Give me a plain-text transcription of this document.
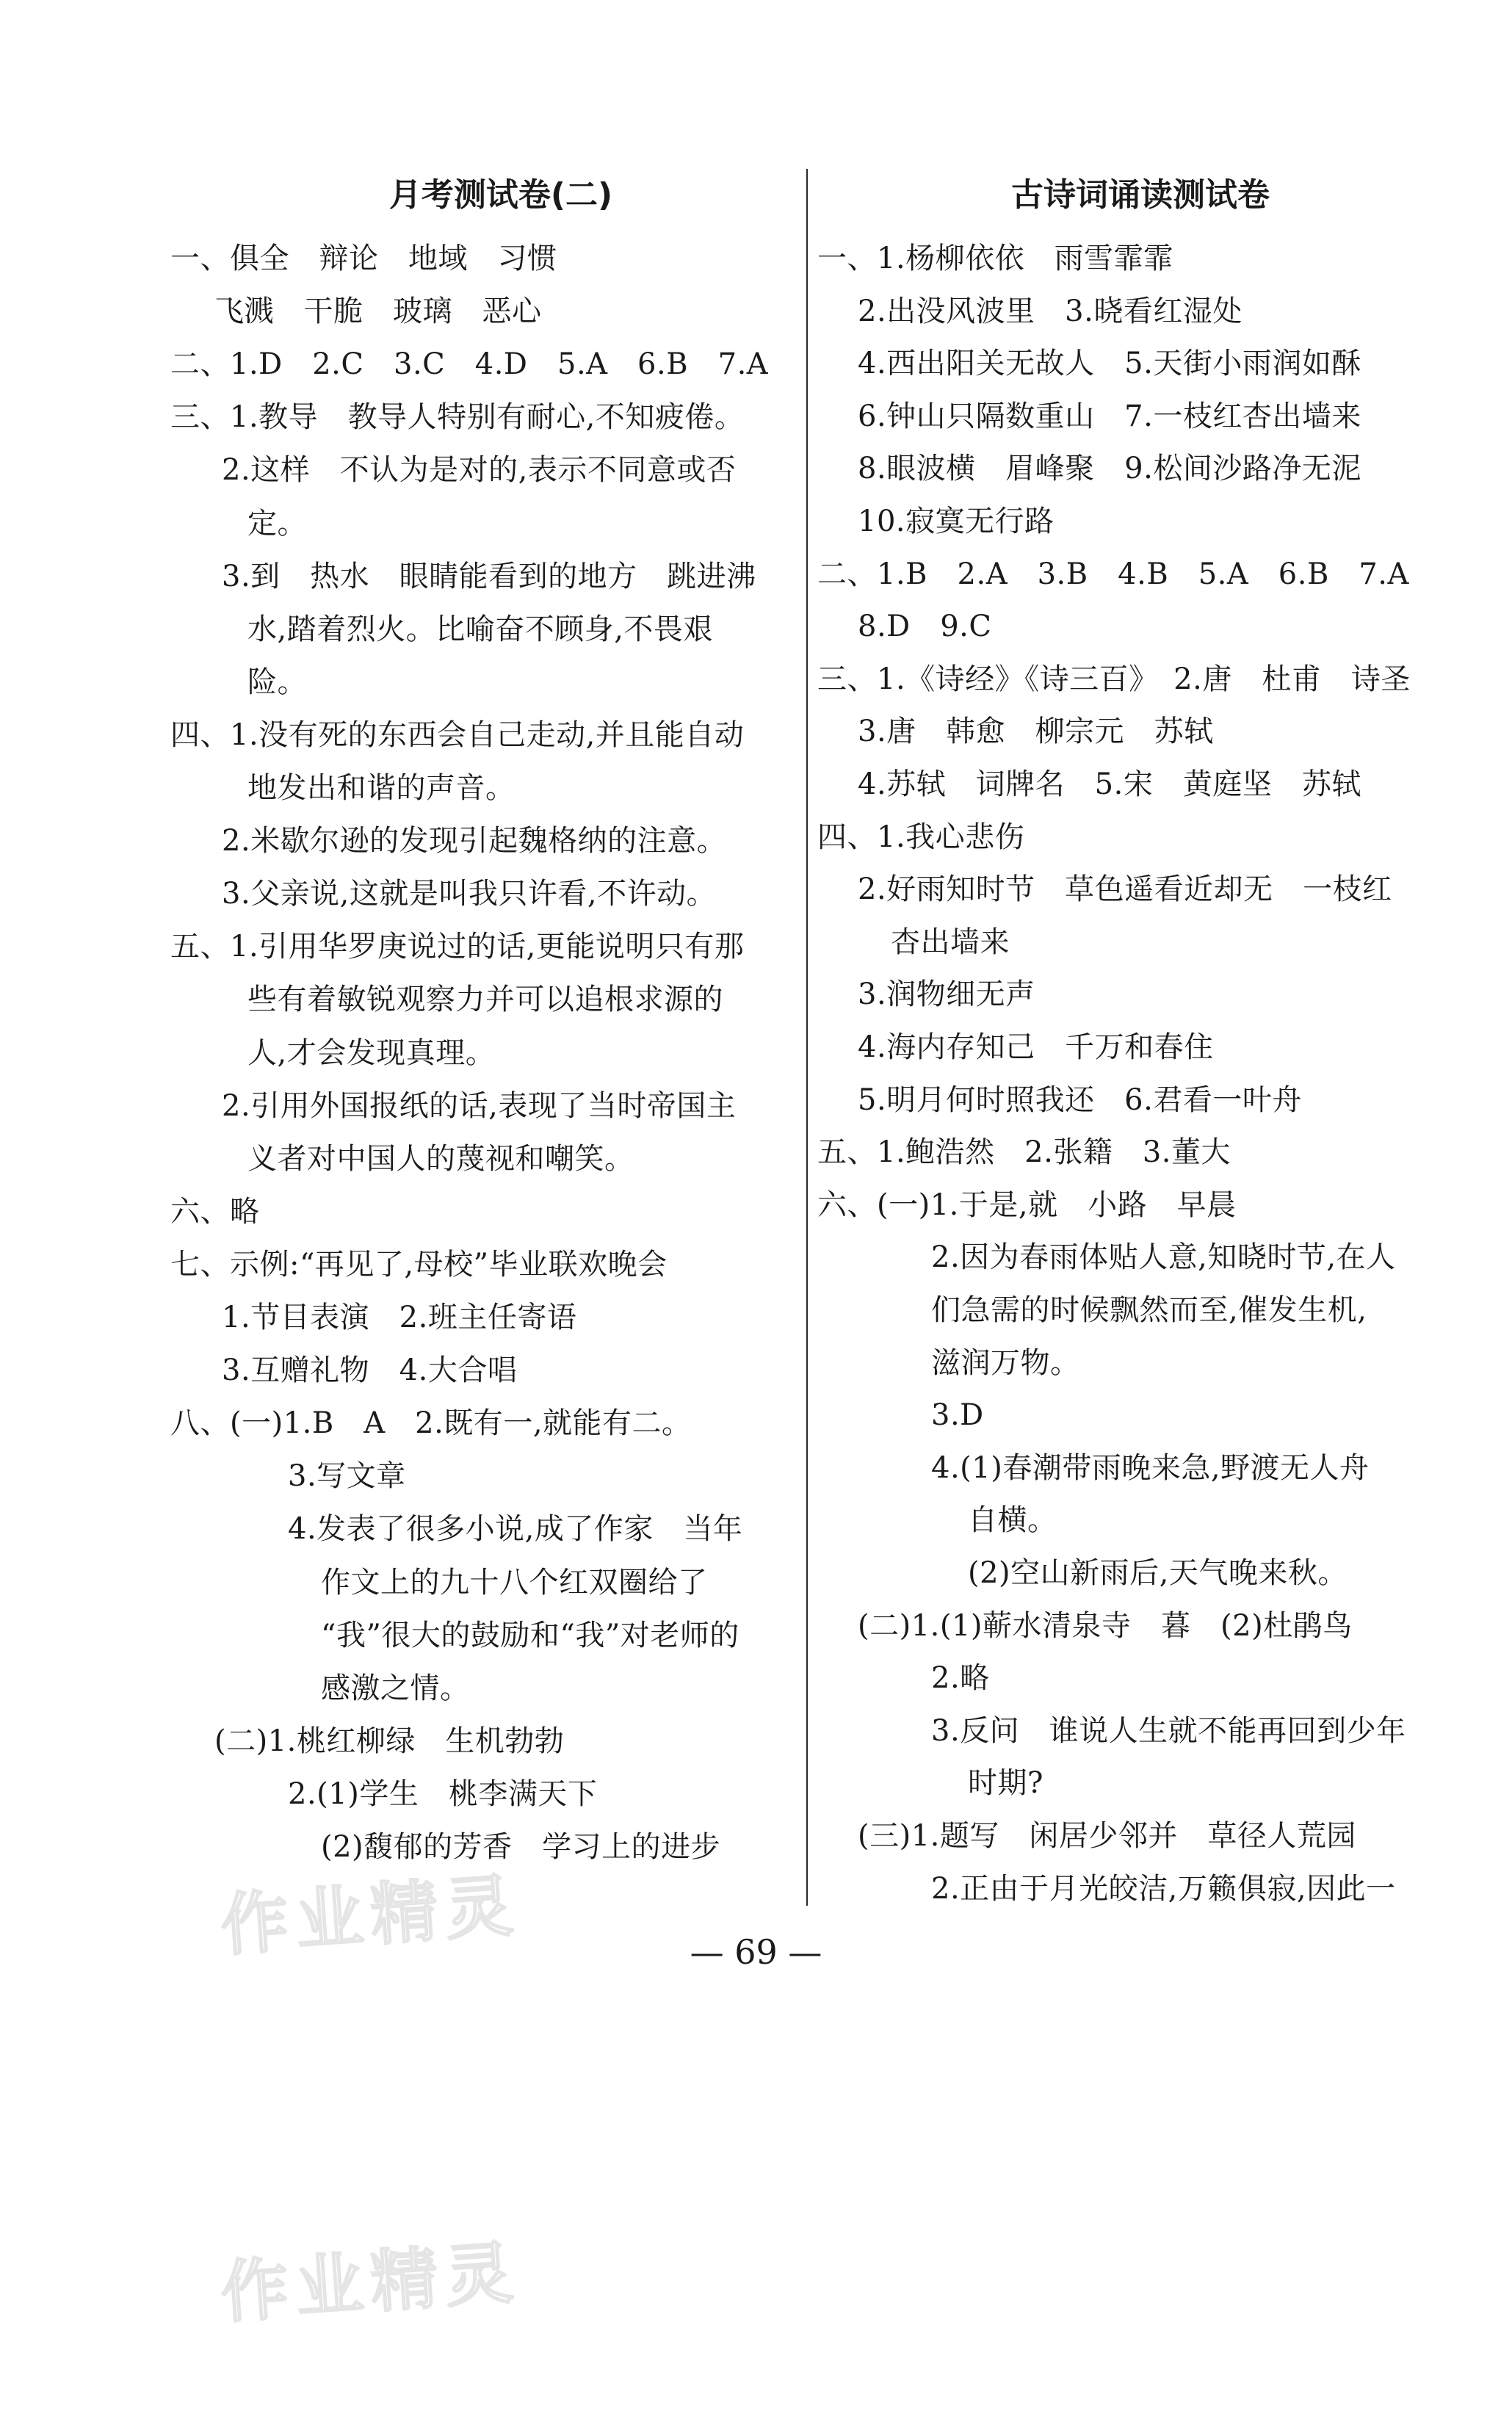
月考测试卷(二)
一、俱全　辩论　地域　习惯
飞溅　干脆　玻璃　恶心
二、1.D　2.C　3.C　4.D　5.A　6.B　7.A
三、1.教导　教导人特别有耐心,不知疲倦。
2.这样　不认为是对的,表示不同意或否
定。
3.到　热水　眼睛能看到的地方　跳进沸
水,踏着烈火。比喻奋不顾身,不畏艰
险。
四、1.没有死的东西会自己走动,并且能自动
地发出和谐的声音。
2.米歇尔逊的发现引起魏格纳的注意。
3.父亲说,这就是叫我只许看,不许动。
五、1.引用华罗庚说过的话,更能说明只有那
些有着敏锐观察力并可以追根求源的
人,才会发现真理。
2.引用外国报纸的话,表现了当时帝国主
义者对中国人的蔑视和嘲笑。
六、略
七、示例:“再见了,母校”毕业联欢晚会
1.节目表演　2.班主任寄语
3.互赠礼物　4.大合唱
八、(一)1.B　A　2.既有一,就能有二。
3.写文章
4.发表了很多小说,成了作家　当年
作文上的九十八个红双圈给了
“我”很大的鼓励和“我”对老师的
感激之情。
(二)1.桃红柳绿　生机勃勃
2.(1)学生　桃李满天下
(2)馥郁的芳香　学习上的进步
古诗词诵读测试卷
一、1.杨柳依依　雨雪霏霏
2.出没风波里　3.晓看红湿处
4.西出阳关无故人　5.天街小雨润如酥
6.钟山只隔数重山　7.一枝红杏出墙来
8.眼波横　眉峰聚　9.松间沙路净无泥
10.寂寞无行路
二、1.B　2.A　3.B　4.B　5.A　6.B　7.A
8.D　9.C
三、1.《诗经》《诗三百》　2.唐　杜甫　诗圣
3.唐　韩愈　柳宗元　苏轼
4.苏轼　词牌名　5.宋　黄庭坚　苏轼
四、1.我心悲伤
2.好雨知时节　草色遥看近却无　一枝红
杏出墙来
3.润物细无声
4.海内存知己　千万和春住
5.明月何时照我还　6.君看一叶舟
五、1.鲍浩然　2.张籍　3.董大
六、(一)1.于是,就　小路　早晨
2.因为春雨体贴人意,知晓时节,在人
们急需的时候飘然而至,催发生机,
滋润万物。
3.D
4.(1)春潮带雨晚来急,野渡无人舟
自横。
(2)空山新雨后,天气晚来秋。
(二)1.(1)蕲水清泉寺　暮　(2)杜鹃鸟
2.略
3.反问　谁说人生就不能再回到少年
时期?
(三)1.题写　闲居少邻并　草径人荒园
2.正由于月光皎洁,万籁俱寂,因此一
— 69 —
作业精灵
作业精灵
